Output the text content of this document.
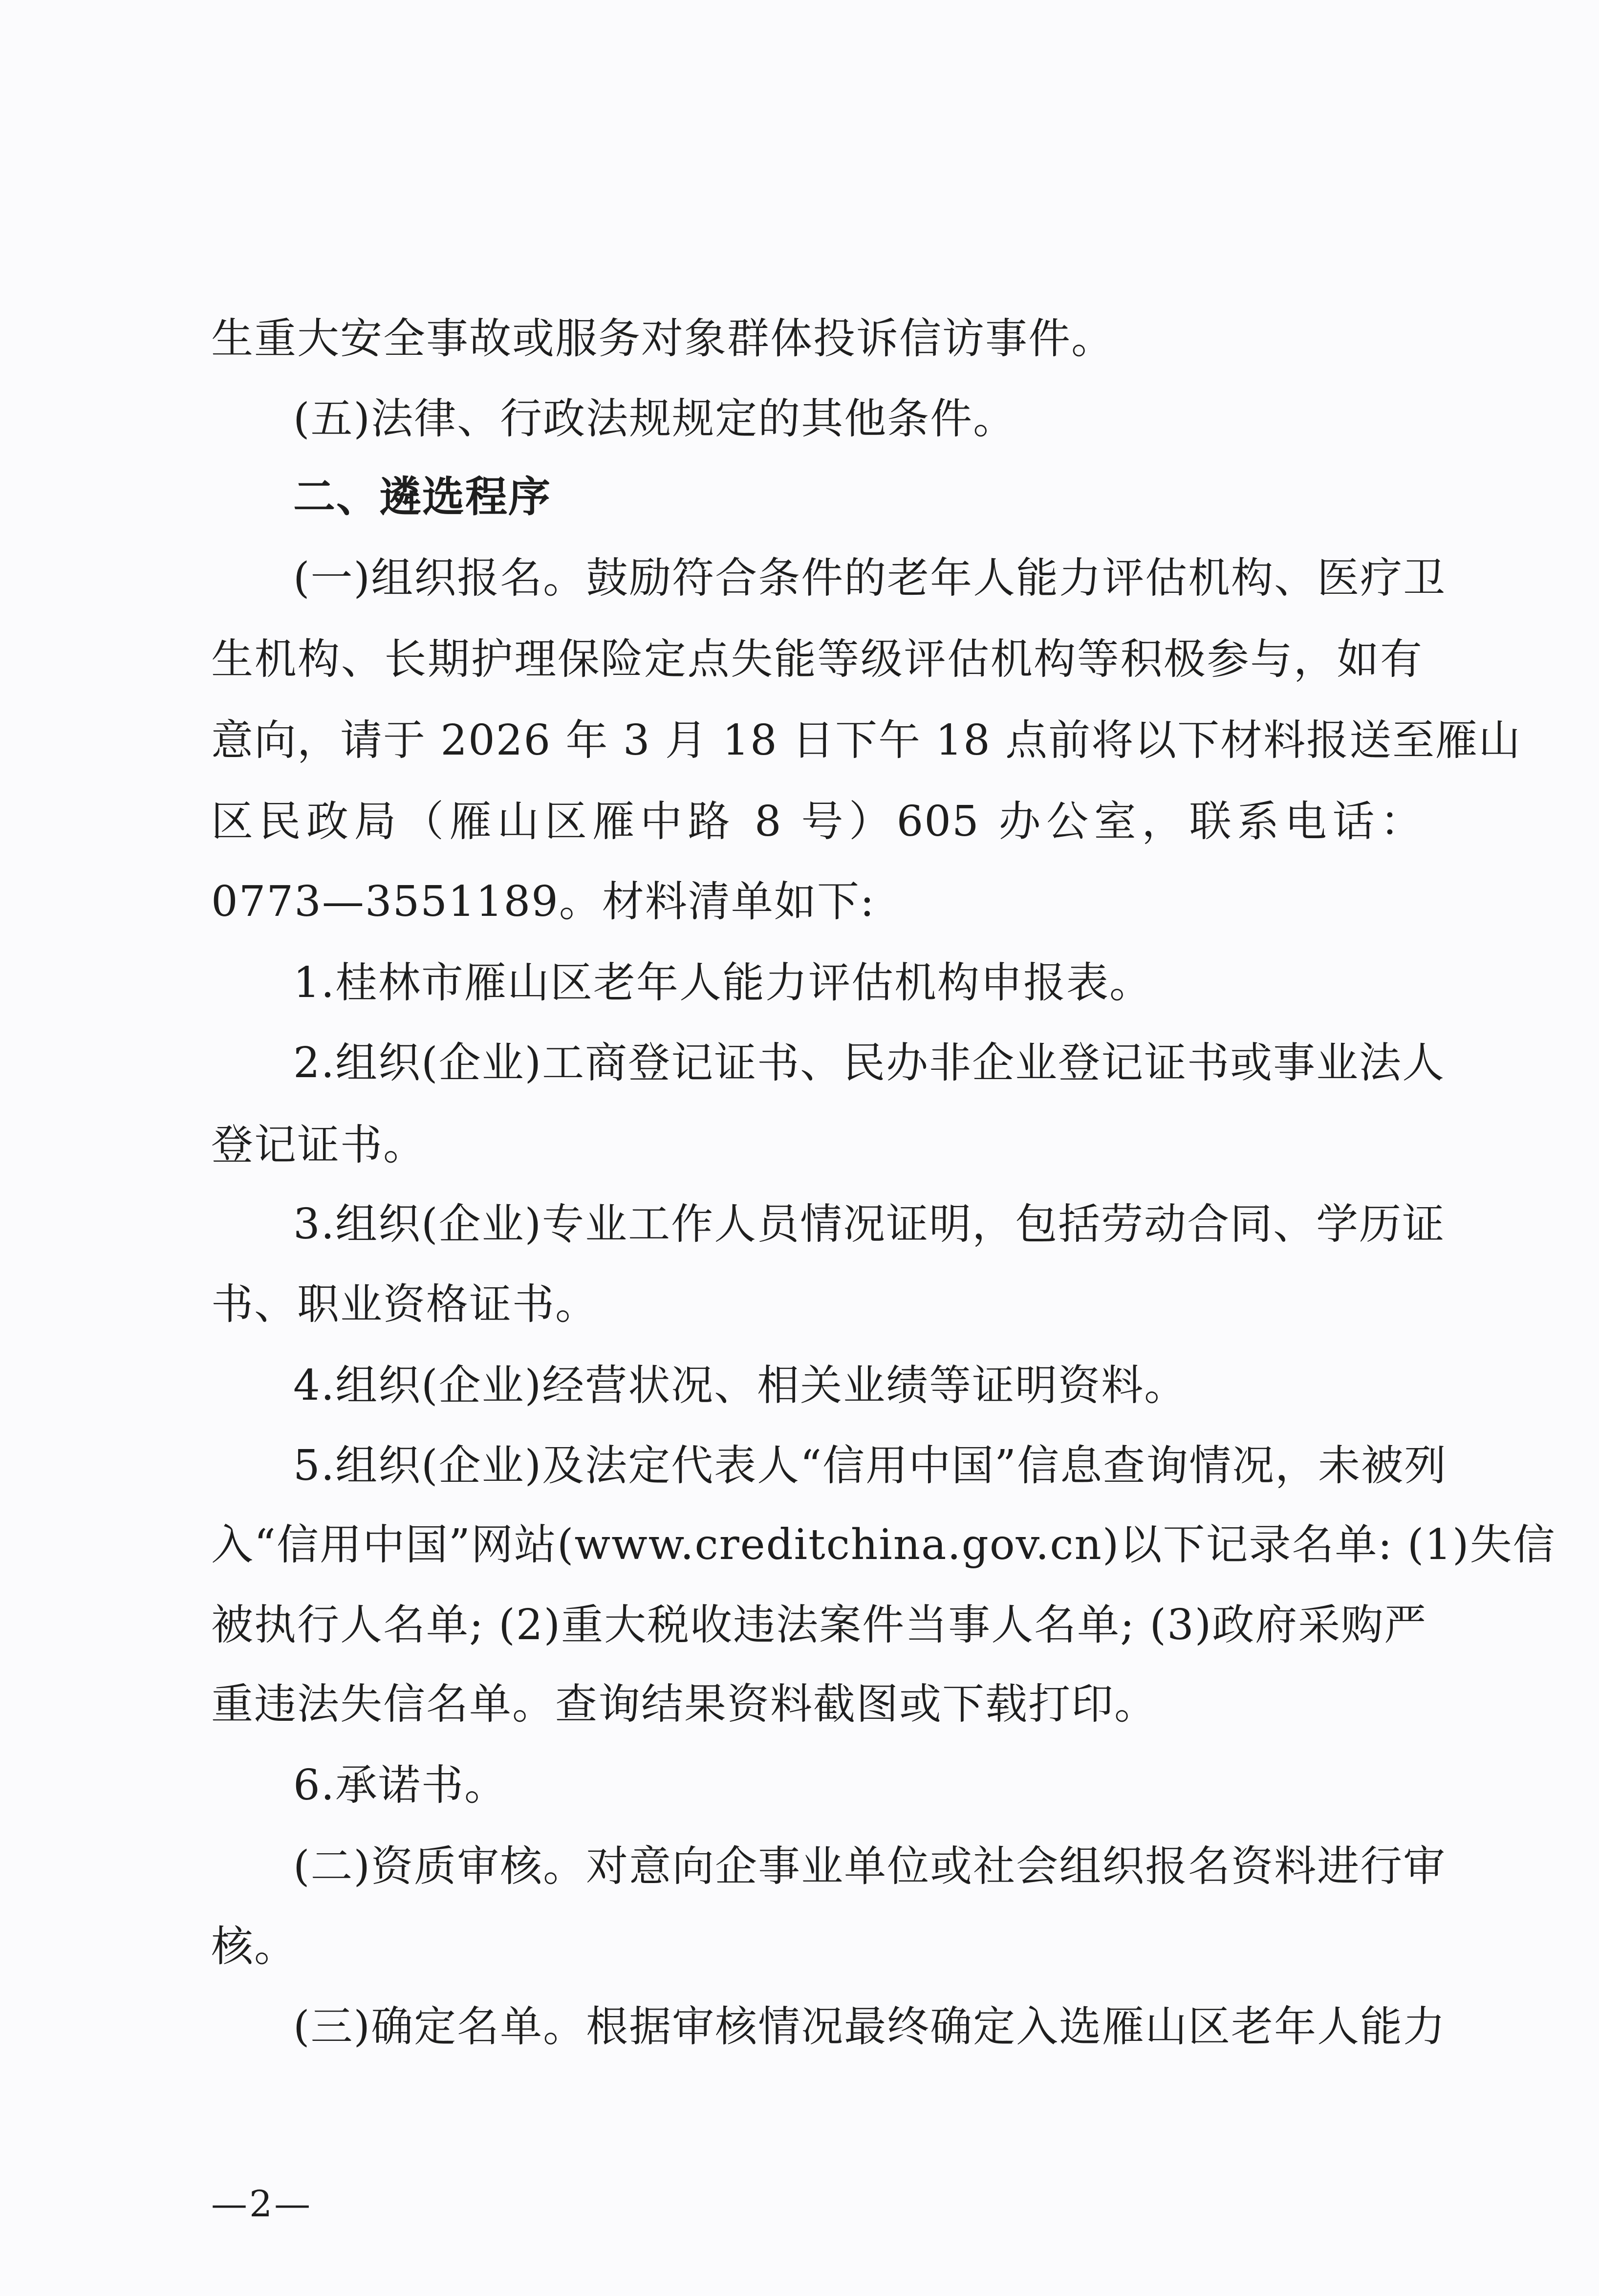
生重大安全事故或服务对象群体投诉信访事件。
(五)法律、行政法规规定的其他条件。
二、遴选程序
(一)组织报名。鼓励符合条件的老年人能力评估机构、医疗卫
生机构、长期护理保险定点失能等级评估机构等积极参与，如有
意向，请于 2026 年 3 月 18 日下午 18 点前将以下材料报送至雁山
区民政局（雁山区雁中路 8 号）605 办公室，联系电话：
0773—3551189。材料清单如下:
1.桂林市雁山区老年人能力评估机构申报表。
2.组织(企业)工商登记证书、民办非企业登记证书或事业法人
登记证书。
3.组织(企业)专业工作人员情况证明，包括劳动合同、学历证
书、职业资格证书。
4.组织(企业)经营状况、相关业绩等证明资料。
5.组织(企业)及法定代表人“信用中国”信息查询情况，未被列
入“信用中国”网站(www.creditchina.gov.cn)以下记录名单: (1)失信
被执行人名单; (2)重大税收违法案件当事人名单; (3)政府采购严
重违法失信名单。查询结果资料截图或下载打印。
6.承诺书。
(二)资质审核。对意向企事业单位或社会组织报名资料进行审
核。
(三)确定名单。根据审核情况最终确定入选雁山区老年人能力
—2—
